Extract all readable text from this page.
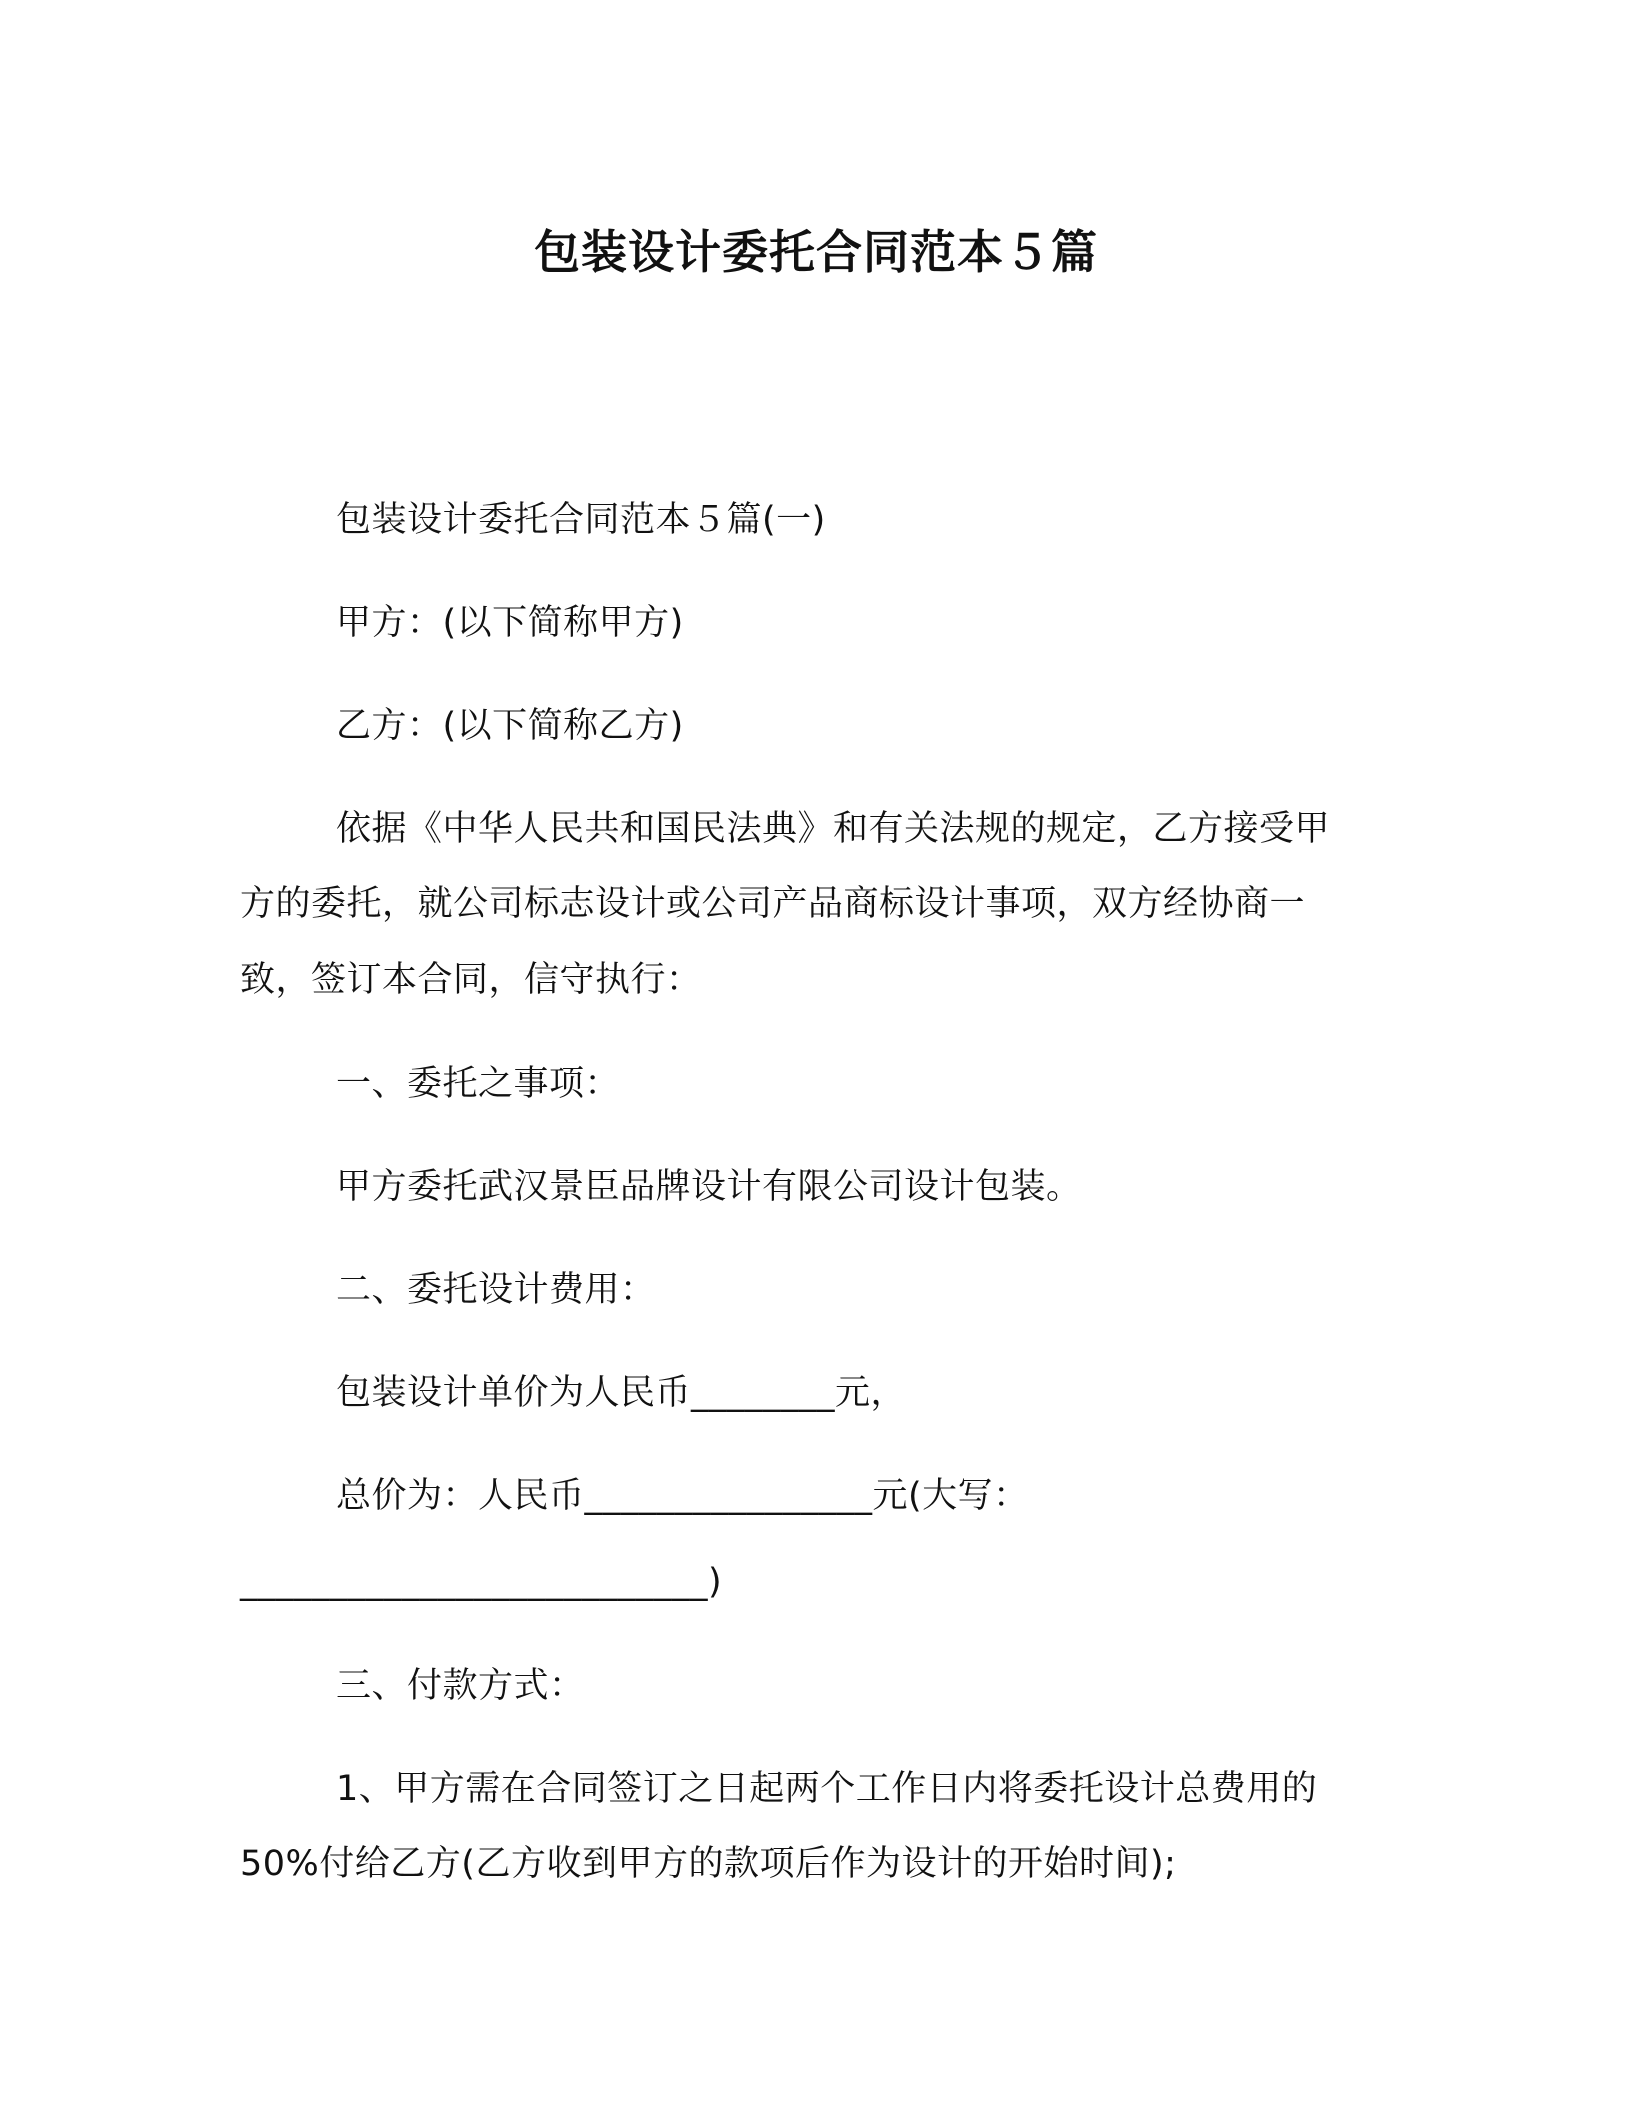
包装设计委托合同范本５篇
包装设计委托合同范本５篇(一)
甲方：(以下简称甲方)
乙方：(以下简称乙方)
依据《中华人民共和国民法典》和有关法规的规定，乙方接受甲
方的委托，就公司标志设计或公司产品商标设计事项，双方经协商一
致，签订本合同，信守执行：
一、委托之事项：
甲方委托武汉景臣品牌设计有限公司设计包装。
二、委托设计费用：
包装设计单价为人民币________元，
总价为：人民币________________元(大写：
__________________________)
三、付款方式：
1、甲方需在合同签订之日起两个工作日内将委托设计总费用的
50%付给乙方(乙方收到甲方的款项后作为设计的开始时间);
